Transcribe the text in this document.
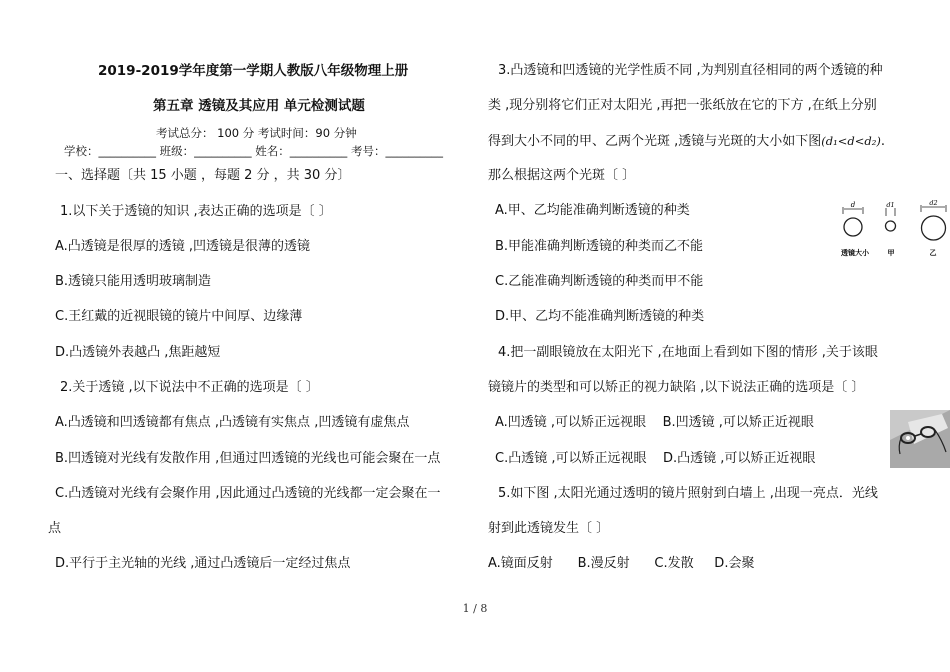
2019-2019学年度第一学期人教版八年级物理上册
第五章 透镜及其应用 单元检测试题
考试总分： 100 分 考试时间：90 分钟
学校：__________ 班级：__________ 姓名：__________ 考号：__________
一、选择题〔共 15 小题 ，每题 2 分 ，共 30 分〕
1.以下关于透镜的知识 ,表达正确的选项是〔 〕
A.凸透镜是很厚的透镜 ,凹透镜是很薄的透镜
B.透镜只能用透明玻璃制造
C.王红戴的近视眼镜的镜片中间厚、边缘薄
D.凸透镜外表越凸 ,焦距越短
2.关于透镜 ,以下说法中不正确的选项是〔 〕
A.凸透镜和凹透镜都有焦点 ,凸透镜有实焦点 ,凹透镜有虚焦点
B.凹透镜对光线有发散作用 ,但通过凹透镜的光线也可能会聚在一点
C.凸透镜对光线有会聚作用 ,因此通过凸透镜的光线都一定会聚在一
点
D.平行于主光轴的光线 ,通过凸透镜后一定经过焦点
3.凸透镜和凹透镜的光学性质不同 ,为判别直径相同的两个透镜的种
类 ,现分别将它们正对太阳光 ,再把一张纸放在它的下方 ,在纸上分别
得到大小不同的甲、乙两个光斑 ,透镜与光斑的大小如下图(d₁<d<d₂).
那么根据这两个光斑〔 〕
A.甲、乙均能准确判断透镜的种类
B.甲能准确判断透镜的种类而乙不能
C.乙能准确判断透镜的种类而甲不能
D.甲、乙均不能准确判断透镜的种类
d	d1	d2
透镜大小	甲	乙
4.把一副眼镜放在太阳光下 ,在地面上看到如下图的情形 ,关于该眼
镜镜片的类型和可以矫正的视力缺陷 ,以下说法正确的选项是〔 〕
A.凹透镜 ,可以矫正远视眼    B.凹透镜 ,可以矫正近视眼
C.凸透镜 ,可以矫正远视眼    D.凸透镜 ,可以矫正近视眼
5.如下图 ,太阳光通过透明的镜片照射到白墙上 ,出现一亮点．光线
射到此透镜发生〔 〕
A.镜面反射      B.漫反射      C.发散     D.会聚
1 / 8
